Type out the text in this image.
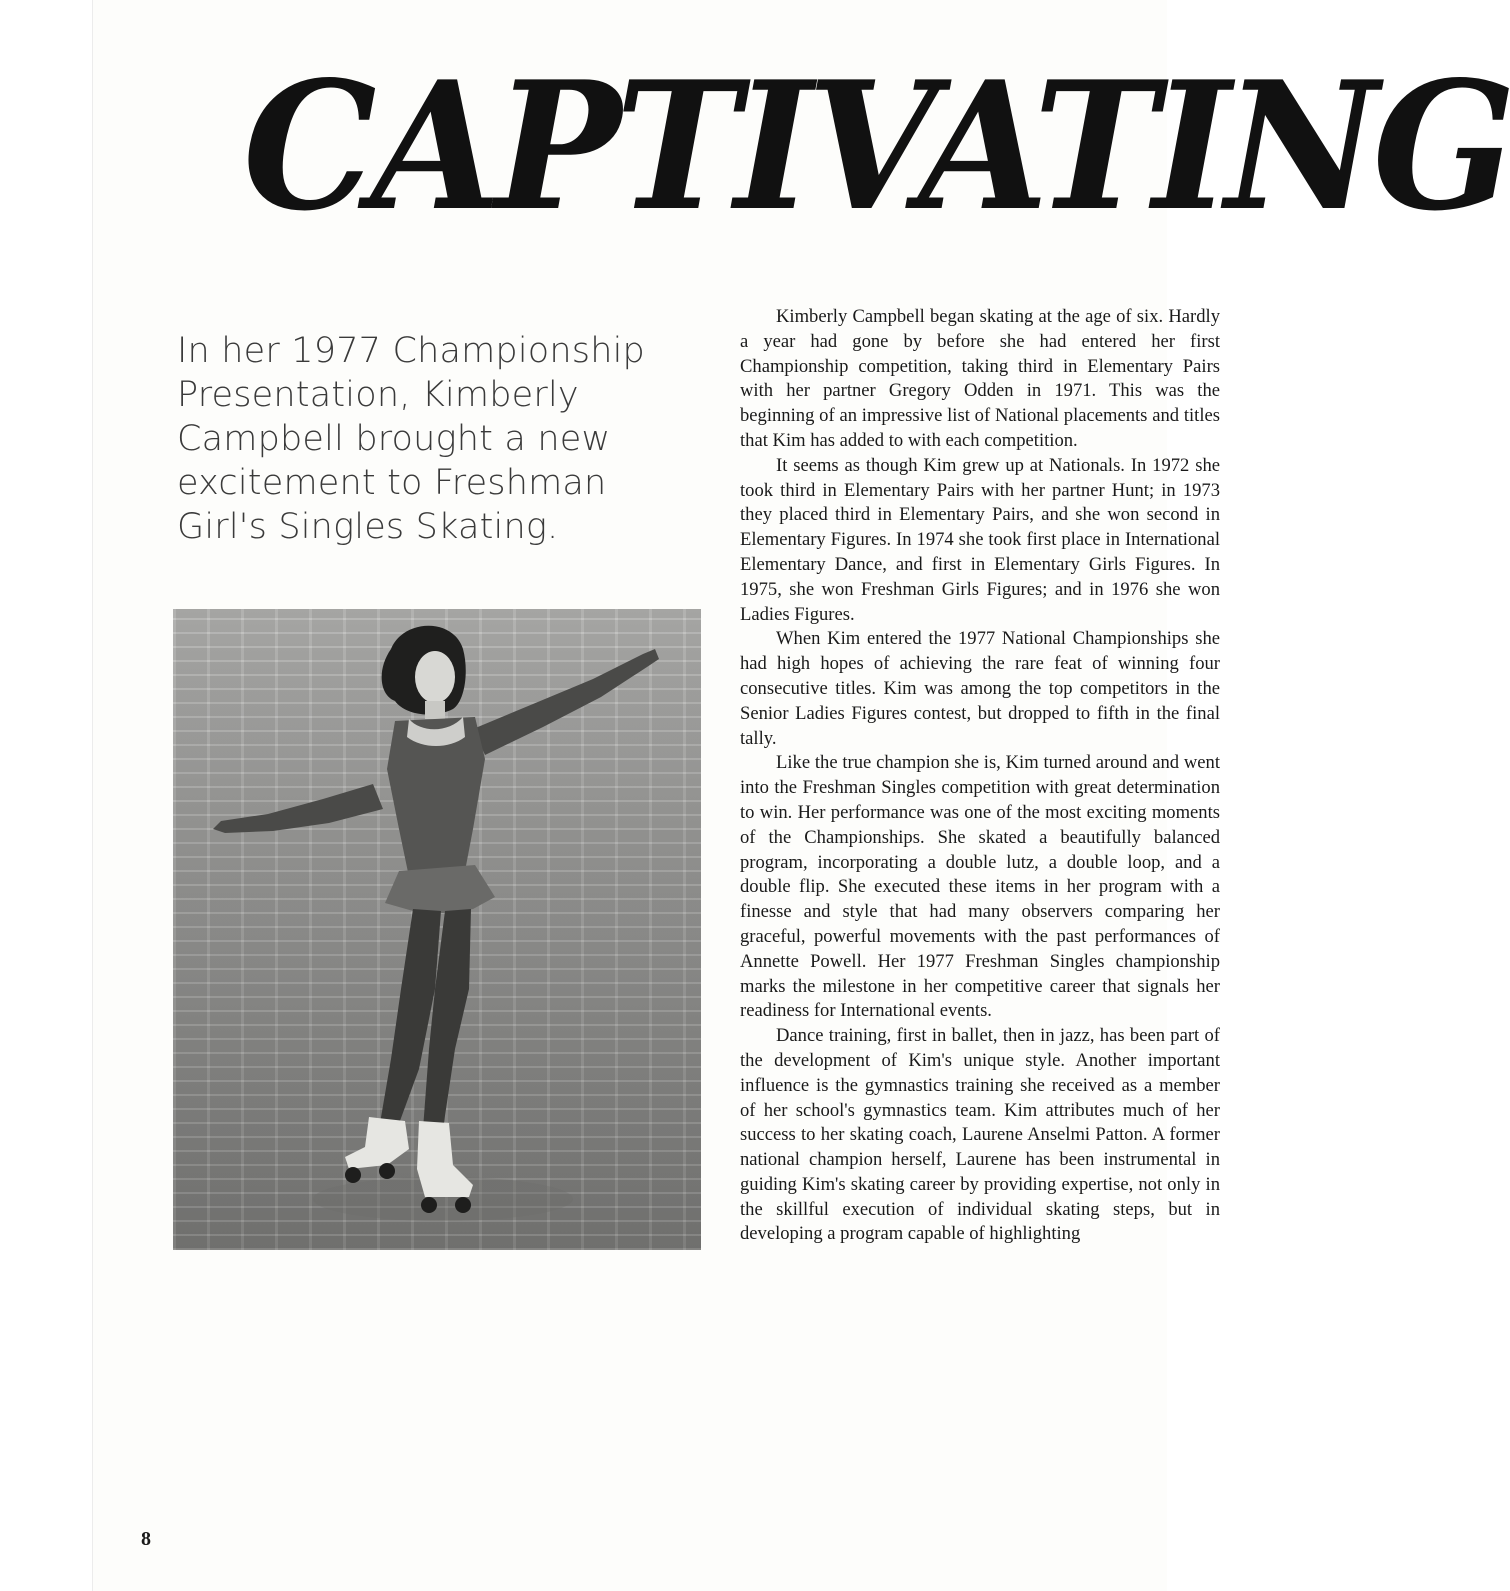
CAPTIVATING

In her 1977 Championship Presentation, Kimberly Campbell brought a new excitement to Freshman Girl's Singles Skating.

Kimberly Campbell began skating at the age of six. Hardly a year had gone by before she had entered her first Championship competition, taking third in Elementary Pairs with her partner Gregory Odden in 1971. This was the beginning of an impressive list of National placements and titles that Kim has added to with each competition.

It seems as though Kim grew up at Nationals. In 1972 she took third in Elementary Pairs with her partner Hunt; in 1973 they placed third in Elementary Pairs, and she won second in Elementary Figures. In 1974 she took first place in International Elementary Dance, and first in Elementary Girls Figures. In 1975, she won Freshman Girls Figures; and in 1976 she won Ladies Figures.

When Kim entered the 1977 National Championships she had high hopes of achieving the rare feat of winning four consecutive titles. Kim was among the top competitors in the Senior Ladies Figures contest, but dropped to fifth in the final tally.

Like the true champion she is, Kim turned around and went into the Freshman Singles competition with great determination to win. Her performance was one of the most exciting moments of the Championships. She skated a beautifully balanced program, incorporating a double lutz, a double loop, and a double flip. She executed these items in her program with a finesse and style that had many observers comparing her graceful, powerful movements with the past performances of Annette Powell. Her 1977 Freshman Singles championship marks the milestone in her competitive career that signals her readiness for International events.

Dance training, first in ballet, then in jazz, has been part of the development of Kim's unique style. Another important influence is the gymnastics training she received as a member of her school's gymnastics team. Kim attributes much of her success to her skating coach, Laurene Anselmi Patton. A former national champion herself, Laurene has been instrumental in guiding Kim's skating career by providing expertise, not only in the skillful execution of individual skating steps, but in developing a program capable of highlighting

8
